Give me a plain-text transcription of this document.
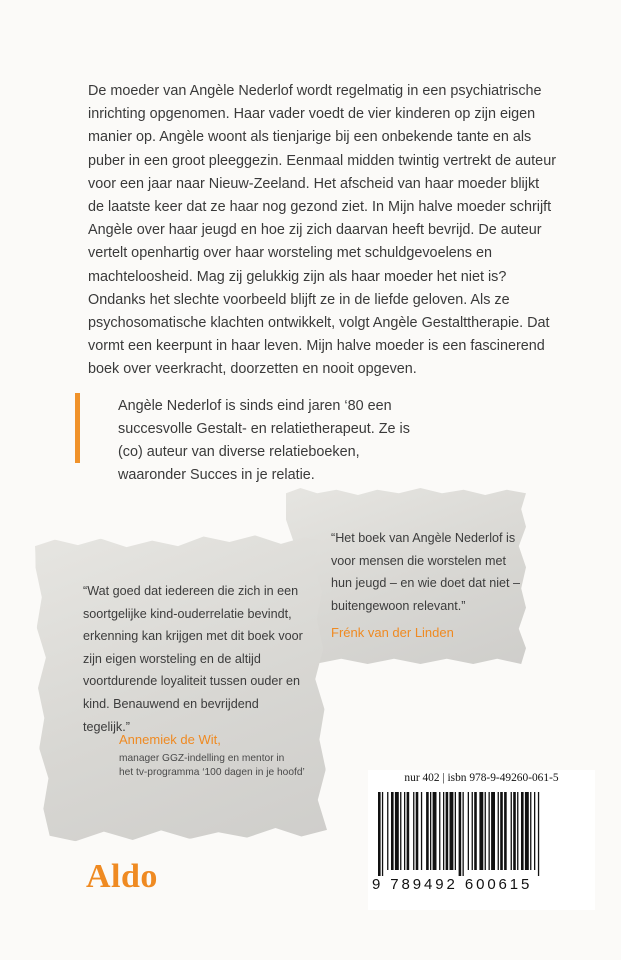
De moeder van Angèle Nederlof wordt regelmatig in een psychiatrische inrichting opgenomen. Haar vader voedt de vier kinderen op zijn eigen manier op. Angèle woont als tienjarige bij een onbekende tante en als puber in een groot pleeggezin. Eenmaal midden twintig vertrekt de auteur voor een jaar naar Nieuw-Zeeland. Het afscheid van haar moeder blijkt de laatste keer dat ze haar nog gezond ziet. In Mijn halve moeder schrijft Angèle over haar jeugd en hoe zij zich daarvan heeft bevrijd. De auteur vertelt openhartig over haar worsteling met schuldgevoelens en machteloosheid. Mag zij gelukkig zijn als haar moeder het niet is? Ondanks het slechte voorbeeld blijft ze in de liefde geloven. Als ze psychosomatische klachten ontwikkelt, volgt Angèle Gestalttherapie. Dat vormt een keerpunt in haar leven. Mijn halve moeder is een fascinerend boek over veerkracht, doorzetten en nooit opgeven.

Angèle Nederlof is sinds eind jaren ‘80 een succesvolle Gestalt- en relatietherapeut. Ze is (co) auteur van diverse relatieboeken, waaronder Succes in je relatie.

“Het boek van Angèle Nederlof is voor mensen die worstelen met hun jeugd – en wie doet dat niet – buitengewoon relevant.”

Frénk van der Linden

“Wat goed dat iedereen die zich in een soortgelijke kind-ouderrelatie bevindt, erkenning kan krijgen met dit boek voor zijn eigen worsteling en de altijd voortdurende loyaliteit tussen ouder en kind. Benauwend en bevrijdend tegelijk.”

Annemiek de Wit,
manager GGZ-indelling en mentor in
het tv-programma ‘100 dagen in je hoofd’	nur 402 | isbn 978-9-49260-061-5
9 789492 600615
Aldo
